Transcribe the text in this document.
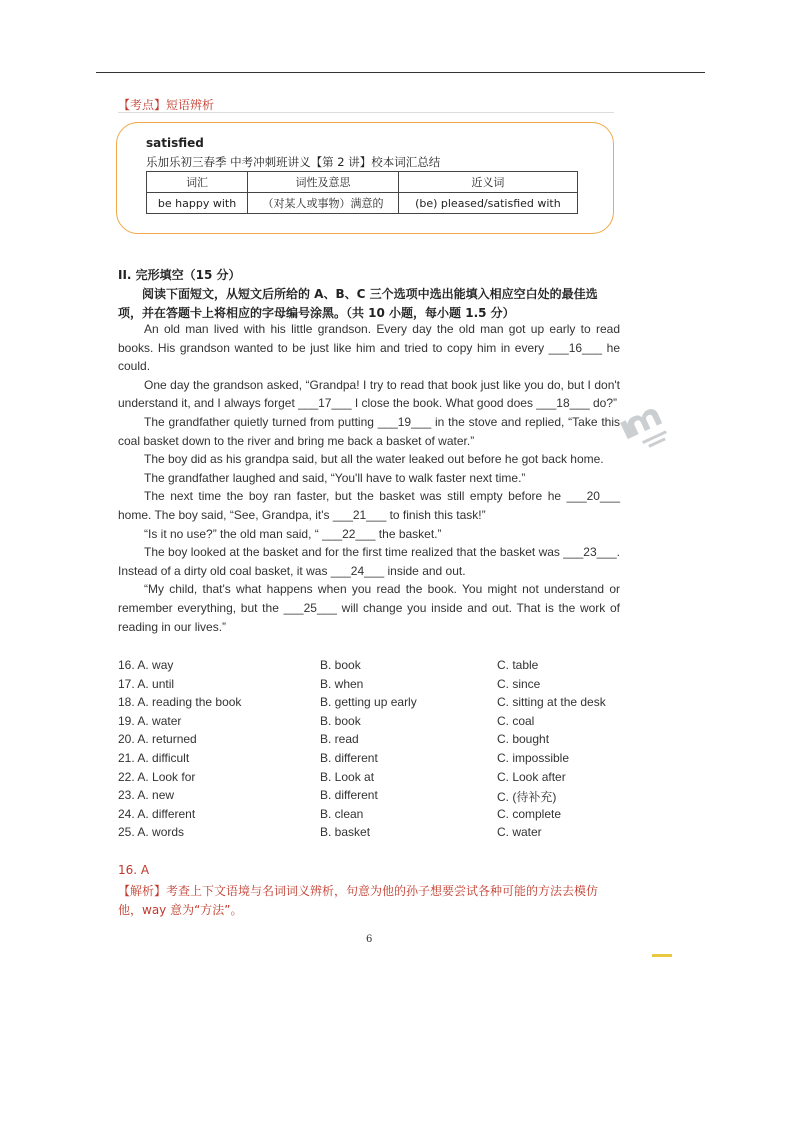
【考点】短语辨析
satisfied
乐加乐初三春季 中考冲刺班讲义【第 2 讲】校本词汇总结
词汇	词性及意思	近义词
be happy with	（对某人或事物）满意的	(be) pleased/satisfied with
II. 完形填空（15 分）
阅读下面短文，从短文后所给的 A、B、C 三个选项中选出能填入相应空白处的最佳选项，并在答题卡上将相应的字母编号涂黑。（共 10 小题，每小题 1.5 分）

An old man lived with his little grandson. Every day the old man got up early to read books. His grandson wanted to be just like him and tried to copy him in every ___16___ he could.

One day the grandson asked, “Grandpa! I try to read that book just like you do, but I don't understand it, and I always forget ___17___ I close the book. What good does ___18___ do?”

The grandfather quietly turned from putting ___19___ in the stove and replied, “Take this coal basket down to the river and bring me back a basket of water.”

The boy did as his grandpa said, but all the water leaked out before he got back home.

The grandfather laughed and said, “You'll have to walk faster next time.”

The next time the boy ran faster, but the basket was still empty before he ___20___ home. The boy said, “See, Grandpa, it's ___21___ to finish this task!”

“Is it no use?” the old man said, “ ___22___ the basket.”

The boy looked at the basket and for the first time realized that the basket was ___23___. Instead of a dirty old coal basket, it was ___24___ inside and out.

“My child, that's what happens when you read the book. You might not understand or remember everything, but the ___25___ will change you inside and out. That is the work of reading in our lives.”

16. A. way	B. book	C. table
17. A. until	B. when	C. since
18. A. reading the book	B. getting up early	C. sitting at the desk
19. A. water	B. book	C. coal
20. A. returned	B. read	C. bought
21. A. difficult	B. different	C. impossible
22. A. Look for	B. Look at	C. Look after
23. A. new	B. different	C. (待补充)
24. A. different	B. clean	C. complete
25. A. words	B. basket	C. water
16. A
【解析】考查上下文语境与名词词义辨析，句意为他的孙子想要尝试各种可能的方法去模仿他，way 意为“方法”。
6
